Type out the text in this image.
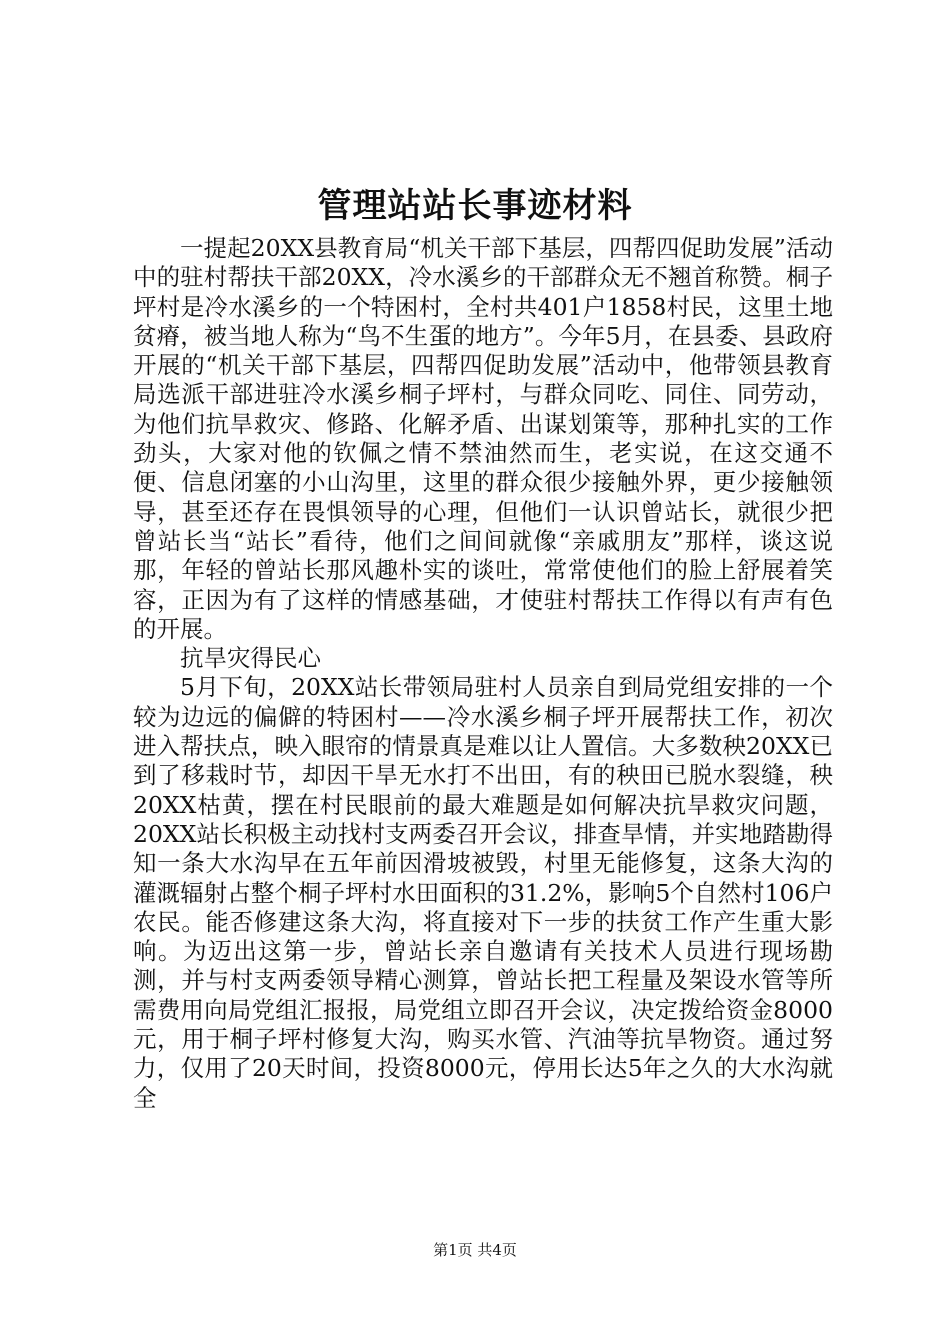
管理站站长事迹材料

一提起20XX县教育局“机关干部下基层，四帮四促助发展”活动中的驻村帮扶干部20XX，冷水溪乡的干部群众无不翘首称赞。桐子坪村是冷水溪乡的一个特困村，全村共401户1858村民，这里土地贫瘠，被当地人称为“鸟不生蛋的地方”。今年5月，在县委、县政府开展的“机关干部下基层，四帮四促助发展”活动中，他带领县教育局选派干部进驻冷水溪乡桐子坪村，与群众同吃、同住、同劳动，为他们抗旱救灾、修路、化解矛盾、出谋划策等，那种扎实的工作劲头，大家对他的钦佩之情不禁油然而生，老实说，在这交通不便、信息闭塞的小山沟里，这里的群众很少接触外界，更少接触领导，甚至还存在畏惧领导的心理，但他们一认识曾站长，就很少把曾站长当“站长”看待，他们之间间就像“亲戚朋友”那样，谈这说那，年轻的曾站长那风趣朴实的谈吐，常常使他们的脸上舒展着笑容，正因为有了这样的情感基础，才使驻村帮扶工作得以有声有色的开展。

抗旱灾得民心

5月下旬，20XX站长带领局驻村人员亲自到局党组安排的一个较为边远的偏僻的特困村——冷水溪乡桐子坪开展帮扶工作，初次进入帮扶点，映入眼帘的情景真是难以让人置信。大多数秧20XX已到了移栽时节，却因干旱无水打不出田，有的秧田已脱水裂缝，秧20XX枯黄，摆在村民眼前的最大难题是如何解决抗旱救灾问题，20XX站长积极主动找村支两委召开会议，排查旱情，并实地踏勘得知一条大水沟早在五年前因滑坡被毁，村里无能修复，这条大沟的灌溉辐射占整个桐子坪村水田面积的31.2%，影响5个自然村106户农民。能否修建这条大沟，将直接对下一步的扶贫工作产生重大影响。为迈出这第一步，曾站长亲自邀请有关技术人员进行现场勘测，并与村支两委领导精心测算，曾站长把工程量及架设水管等所需费用向局党组汇报报，局党组立即召开会议，决定拨给资金8000元，用于桐子坪村修复大沟，购买水管、汽油等抗旱物资。通过努力，仅用了20天时间，投资8000元，停用长达5年之久的大水沟就全

第1页 共4页
